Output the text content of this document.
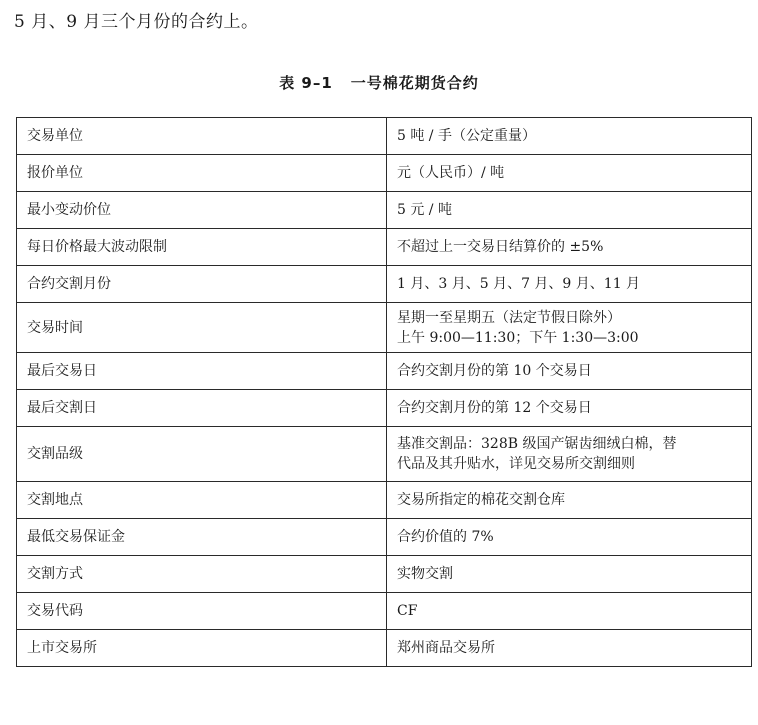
5 月、9 月三个月份的合约上。
表 9–1 一号棉花期货合约
交易单位	5 吨 / 手（公定重量）

报价单位	元（人民币）/ 吨

最小变动价位	5 元 / 吨

每日价格最大波动限制	不超过上一交易日结算价的 ±5%

合约交割月份	1 月、3 月、5 月、7 月、9 月、11 月

交易时间	星期一至星期五（法定节假日除外）
上午 9:00—11:30；下午 1:30—3:00

最后交易日	合约交割月份的第 10 个交易日

最后交割日	合约交割月份的第 12 个交易日

交割品级	基准交割品：328B 级国产锯齿细绒白棉，替
代品及其升贴水，详见交易所交割细则

交割地点	交易所指定的棉花交割仓库

最低交易保证金	合约价值的 7%

交割方式	实物交割

交易代码	CF

上市交易所	郑州商品交易所
